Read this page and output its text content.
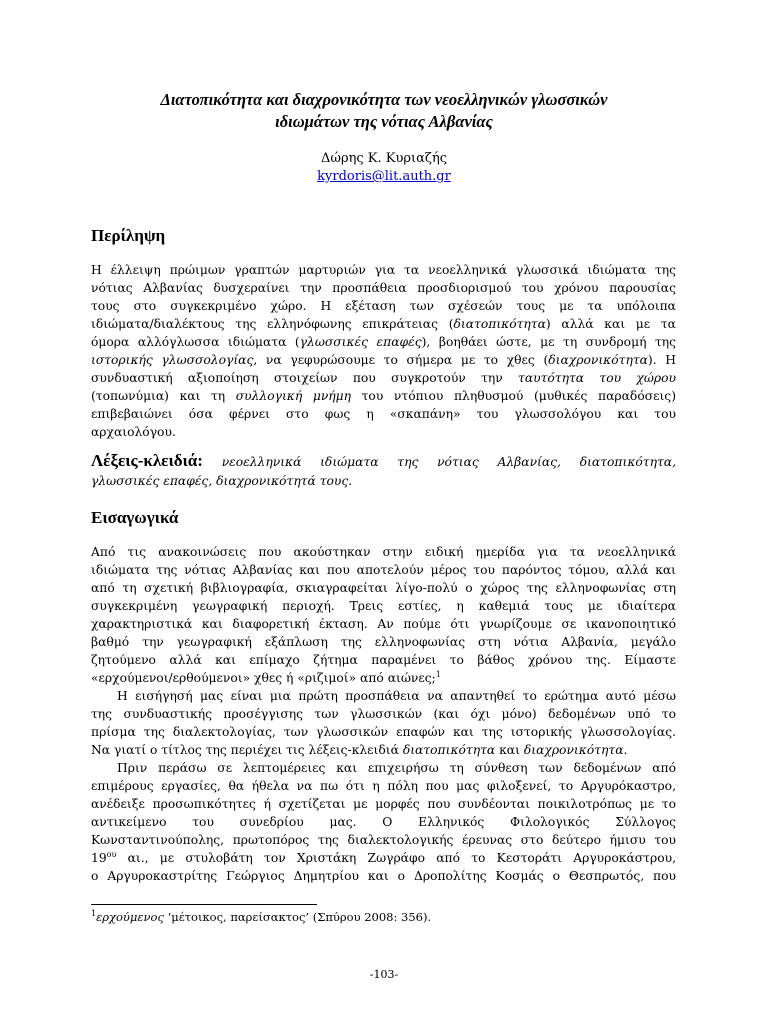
Διατοπικότητα και διαχρονικότητα των νεοελληνικών γλωσσικών
ιδιωμάτων της νότιας Αλβανίας
Δώρης Κ. Κυριαζής
kyrdoris@lit.auth.gr
Περίληψη
Η έλλειψη πρώιμων γραπτών μαρτυριών για τα νεοελληνικά γλωσσικά ιδιώματα της
νότιας Αλβανίας δυσχεραίνει την προσπάθεια προσδιορισμού του χρόνου παρουσίας
τους στο συγκεκριμένο χώρο. Η εξέταση των σχέσεών τους με τα υπόλοιπα
ιδιώματα/διαλέκτους της ελληνόφωνης επικράτειας (διατοπικότητα) αλλά και με τα
όμορα αλλόγλωσσα ιδιώματα (γλωσσικές επαφές), βοηθάει ώστε, με τη συνδρομή της
ιστορικής γλωσσολογίας, να γεφυρώσουμε το σήμερα με το χθες (διαχρονικότητα). Η
συνδυαστική αξιοποίηση στοιχείων που συγκροτούν την ταυτότητα του χώρου
(τοπωνύμια) και τη συλλογική μνήμη του ντόπιου πληθυσμού (μυθικές παραδόσεις)
επιβεβαιώνει όσα φέρνει στο φως η «σκαπάνη» του γλωσσολόγου και του
αρχαιολόγου.
Λέξεις-κλειδιά: νεοελληνικά ιδιώματα της νότιας Αλβανίας, διατοπικότητα,
γλωσσικές επαφές, διαχρονικότητά τους.
Εισαγωγικά
Από τις ανακοινώσεις που ακούστηκαν στην ειδική ημερίδα για τα νεοελληνικά
ιδιώματα της νότιας Αλβανίας και που αποτελούν μέρος του παρόντος τόμου, αλλά και
από τη σχετική βιβλιογραφία, σκιαγραφείται λίγο-πολύ ο χώρος της ελληνοφωνίας στη
συγκεκριμένη γεωγραφική περιοχή. Τρεις εστίες, η καθεμιά τους με ιδιαίτερα
χαρακτηριστικά και διαφορετική έκταση. Αν πούμε ότι γνωρίζουμε σε ικανοποιητικό
βαθμό την γεωγραφική εξάπλωση της ελληνοφωνίας στη νότια Αλβανία, μεγάλο
ζητούμενο αλλά και επίμαχο ζήτημα παραμένει το βάθος χρόνου της. Είμαστε
«ερχούμενοι/ερθούμενοι» χθες ή «ριζιμοί» από αιώνες;$^1$
Η εισήγησή μας είναι μια πρώτη προσπάθεια να απαντηθεί το ερώτημα αυτό μέσω
της συνδυαστικής προσέγγισης των γλωσσικών (και όχι μόνο) δεδομένων υπό το
πρίσμα της διαλεκτολογίας, των γλωσσικών επαφών και της ιστορικής γλωσσολογίας.
Να γιατί ο τίτλος της περιέχει τις λέξεις-κλειδιά διατοπικότητα και διαχρονικότητα.
Πριν περάσω σε λεπτομέρειες και επιχειρήσω τη σύνθεση των δεδομένων από
επιμέρους εργασίες, θα ήθελα να πω ότι η πόλη που μας φιλοξενεί, το Αργυρόκαστρο,
ανέδειξε προσωπικότητες ή σχετίζεται με μορφές που συνδέονται ποικιλοτρόπως με το
αντικείμενο του συνεδρίου μας. Ο Ελληνικός Φιλολογικός Σύλλογος
Κωνσταντινούπολης, πρωτοπόρος της διαλεκτολογικής έρευνας στο δεύτερο ήμισυ του
$19^{o\upsilon}$ αι., με στυλοβάτη τον Χριστάκη Ζωγράφο από το Κεστοράτι Αργυροκάστρου,
ο Αργυροκαστρίτης Γεώργιος Δημητρίου και ο Δροπολίτης Κοσμάς ο Θεσπρωτός, που
$^1$ερχούμενος ‘μέτοικος, παρείσακτος’ (Σπύρου 2008: 356).
-103-
